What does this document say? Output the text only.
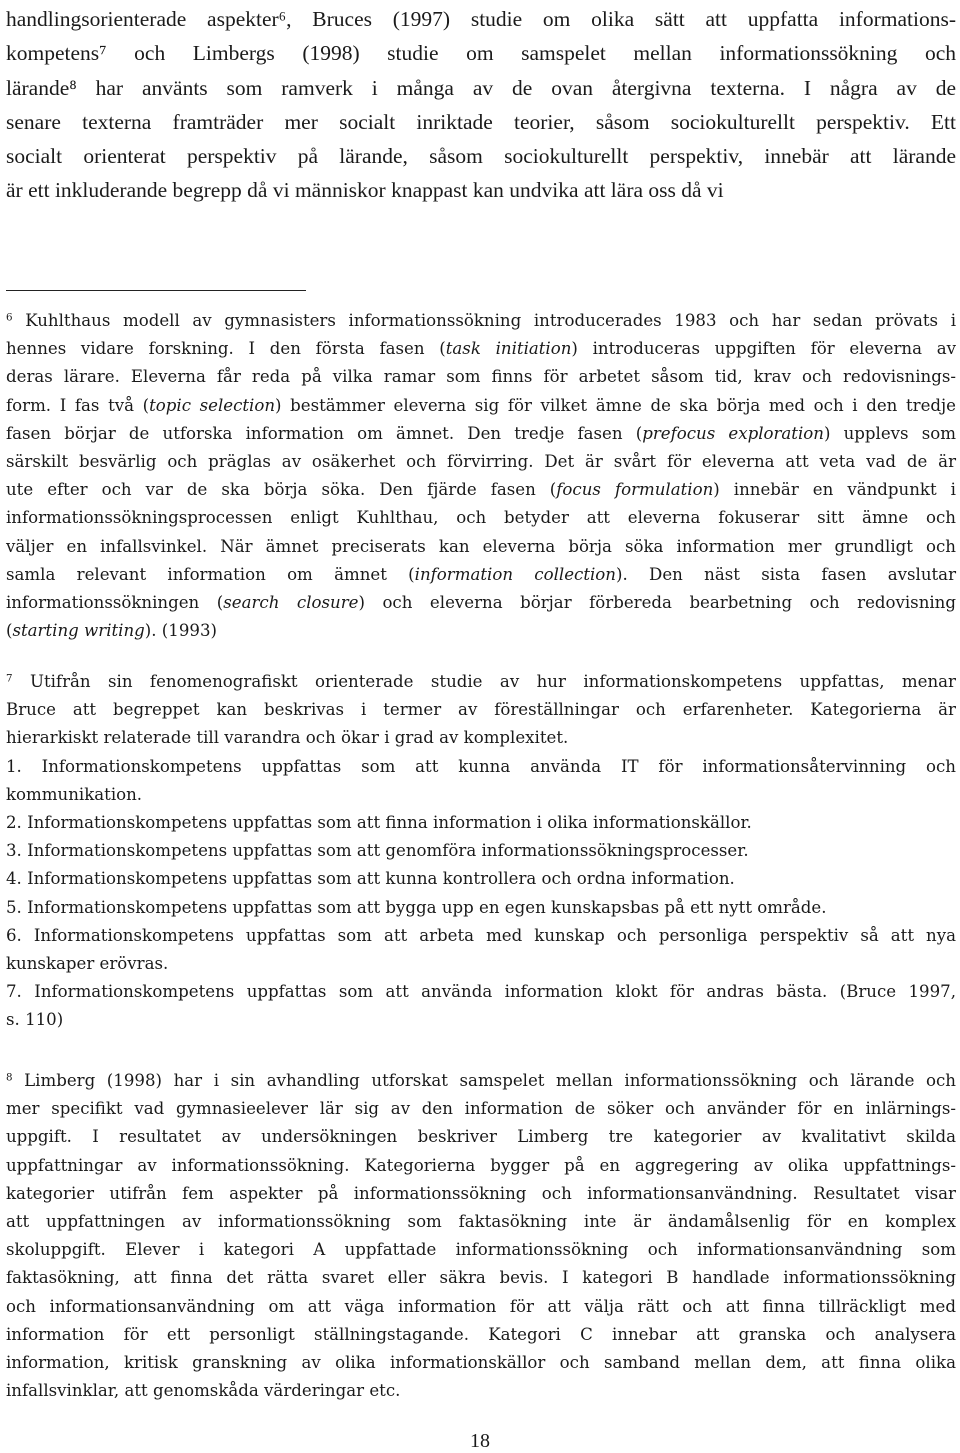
handlingsorienterade aspekter⁶, Bruces (1997) studie om olika sätt att uppfatta informations-
kompetens⁷ och Limbergs (1998) studie om samspelet mellan informationssökning och
lärande⁸ har använts som ramverk i många av de ovan återgivna texterna. I några av de
senare texterna framträder mer socialt inriktade teorier, såsom sociokulturellt perspektiv. Ett
socialt orienterat perspektiv på lärande, såsom sociokulturellt perspektiv, innebär att lärande
är ett inkluderande begrepp då vi människor knappast kan undvika att lära oss då vi
$^6$ Kuhlthaus modell av gymnasisters informationssökning introducerades 1983 och har sedan prövats i
hennes vidare forskning. I den första fasen (task initiation) introduceras uppgiften för eleverna av
deras lärare. Eleverna får reda på vilka ramar som finns för arbetet såsom tid, krav och redovisnings-
form. I fas två (topic selection) bestämmer eleverna sig för vilket ämne de ska börja med och i den tredje
fasen börjar de utforska information om ämnet. Den tredje fasen (prefocus exploration) upplevs som
särskilt besvärlig och präglas av osäkerhet och förvirring. Det är svårt för eleverna att veta vad de är
ute efter och var de ska börja söka. Den fjärde fasen (focus formulation) innebär en vändpunkt i
informationssökningsprocessen enligt Kuhlthau, och betyder att eleverna fokuserar sitt ämne och
väljer en infallsvinkel. När ämnet preciserats kan eleverna börja söka information mer grundligt och
samla relevant information om ämnet (information collection). Den näst sista fasen avslutar
informationssökningen (search closure) och eleverna börjar förbereda bearbetning och redovisning
(starting writing). (1993)
$^7$ Utifrån sin fenomenografiskt orienterade studie av hur informationskompetens uppfattas, menar
Bruce att begreppet kan beskrivas i termer av föreställningar och erfarenheter. Kategorierna är
hierarkiskt relaterade till varandra och ökar i grad av komplexitet.
1. Informationskompetens uppfattas som att kunna använda IT för informationsåtervinning och
kommunikation.
2. Informationskompetens uppfattas som att finna information i olika informationskällor.
3. Informationskompetens uppfattas som att genomföra informationssökningsprocesser.
4. Informationskompetens uppfattas som att kunna kontrollera och ordna information.
5. Informationskompetens uppfattas som att bygga upp en egen kunskapsbas på ett nytt område.
6. Informationskompetens uppfattas som att arbeta med kunskap och personliga perspektiv så att nya
kunskaper erövras.
7. Informationskompetens uppfattas som att använda information klokt för andras bästa. (Bruce 1997,
s. 110)
$^8$ Limberg (1998) har i sin avhandling utforskat samspelet mellan informationssökning och lärande och
mer specifikt vad gymnasieelever lär sig av den information de söker och använder för en inlärnings-
uppgift. I resultatet av undersökningen beskriver Limberg tre kategorier av kvalitativt skilda
uppfattningar av informationssökning. Kategorierna bygger på en aggregering av olika uppfattnings-
kategorier utifrån fem aspekter på informationssökning och informationsanvändning. Resultatet visar
att uppfattningen av informationssökning som faktasökning inte är ändamålsenlig för en komplex
skoluppgift. Elever i kategori A uppfattade informationssökning och informationsanvändning som
faktasökning, att finna det rätta svaret eller säkra bevis. I kategori B handlade informationssökning
och informationsanvändning om att väga information för att välja rätt och att finna tillräckligt med
information för ett personligt ställningstagande. Kategori C innebar att granska och analysera
information, kritisk granskning av olika informationskällor och samband mellan dem, att finna olika
infallsvinklar, att genomskåda värderingar etc.
18
